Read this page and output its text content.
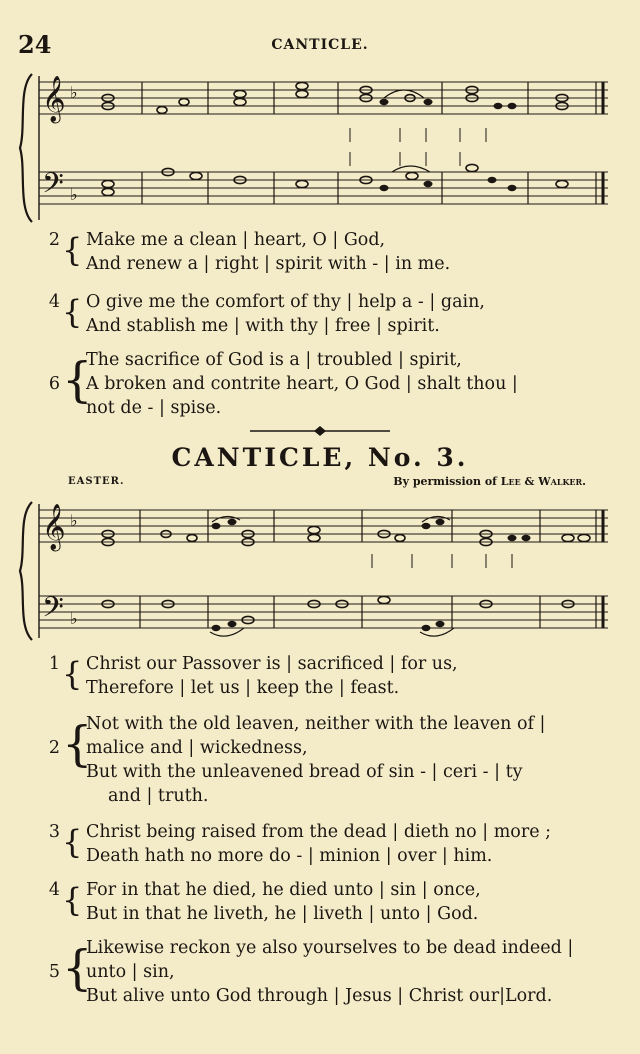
24	CANTICLE.
𝄞
𝄢
♭
♭
2 { Make me a clean | heart, O | God,
And renew a | right | spirit with - | in me.
4 { O give me the comfort of thy | help a - | gain,
And stablish me | with thy | free | spirit.
6 {
The sacrifice of God is a | troubled | spirit,
A broken and contrite heart, O God | shalt thou |
not de - | spise.
CANTICLE, No. 3.
EASTER.	By permission of Lee & Walker.
𝄞
𝄢
♭
♭
1 { Christ our Passover is | sacrificed | for us,
Therefore | let us | keep the | feast.
2 {
Not with the old leaven, neither with the leaven of |
malice and | wickedness,
But with the unleavened bread of sin - | ceri - | ty
and | truth.
3 { Christ being raised from the dead | dieth no | more ;
Death hath no more do - | minion | over | him.
4 { For in that he died, he died unto | sin | once,
But in that he liveth, he | liveth | unto | God.
5 {
Likewise reckon ye also yourselves to be dead indeed |
unto | sin,
But alive unto God through | Jesus | Christ our|Lord.
